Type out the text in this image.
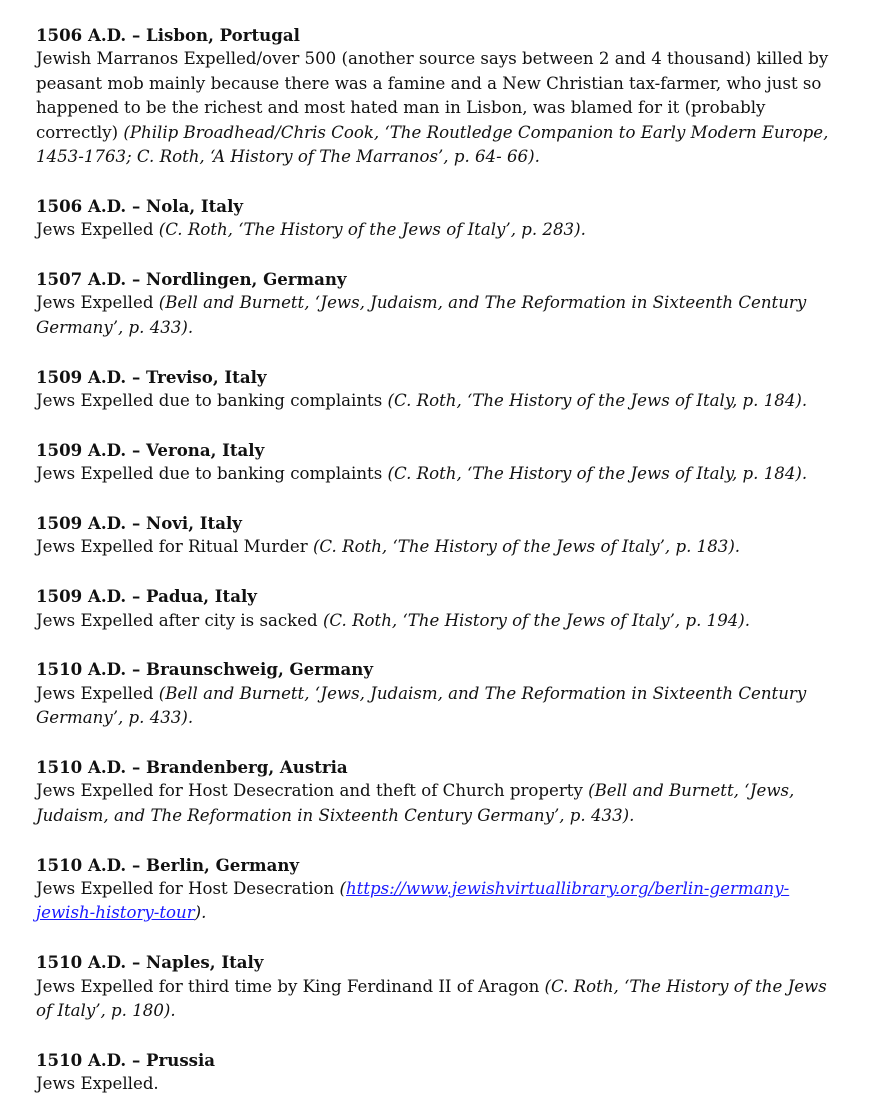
1506 A.D. – Lisbon, Portugal
Jewish Marranos Expelled/over 500 (another source says between 2 and 4 thousand) killed by peasant mob mainly because there was a famine and a New Christian tax-farmer, who just so happened to be the richest and most hated man in Lisbon, was blamed for it (probably correctly) (Philip Broadhead/Chris Cook, ‘The Routledge Companion to Early Modern Europe, 1453-1763; C. Roth, ‘A History of The Marranos’, p. 64- 66).
1506 A.D. – Nola, Italy
Jews Expelled (C. Roth, ‘The History of the Jews of Italy’, p. 283).
1507 A.D. – Nordlingen, Germany
Jews Expelled (Bell and Burnett, ‘Jews, Judaism, and The Reformation in Sixteenth Century Germany’, p. 433).
1509 A.D. – Treviso, Italy
Jews Expelled due to banking complaints (C. Roth, ‘The History of the Jews of Italy, p. 184).
1509 A.D. – Verona, Italy
Jews Expelled due to banking complaints (C. Roth, ‘The History of the Jews of Italy, p. 184).
1509 A.D. – Novi, Italy
Jews Expelled for Ritual Murder (C. Roth, ‘The History of the Jews of Italy’, p. 183).
1509 A.D. – Padua, Italy
Jews Expelled after city is sacked (C. Roth, ‘The History of the Jews of Italy’, p. 194).
1510 A.D. – Braunschweig, Germany
Jews Expelled (Bell and Burnett, ‘Jews, Judaism, and The Reformation in Sixteenth Century Germany’, p. 433).
1510 A.D. – Brandenberg, Austria
Jews Expelled for Host Desecration and theft of Church property (Bell and Burnett, ‘Jews, Judaism, and The Reformation in Sixteenth Century Germany’, p. 433).
1510 A.D. – Berlin, Germany
Jews Expelled for Host Desecration (https://www.jewishvirtuallibrary.org/berlin-germany-jewish-history-tour).
1510 A.D. – Naples, Italy
Jews Expelled for third time by King Ferdinand II of Aragon (C. Roth, ‘The History of the Jews of Italy’, p. 180).
1510 A.D. – Prussia
Jews Expelled.
